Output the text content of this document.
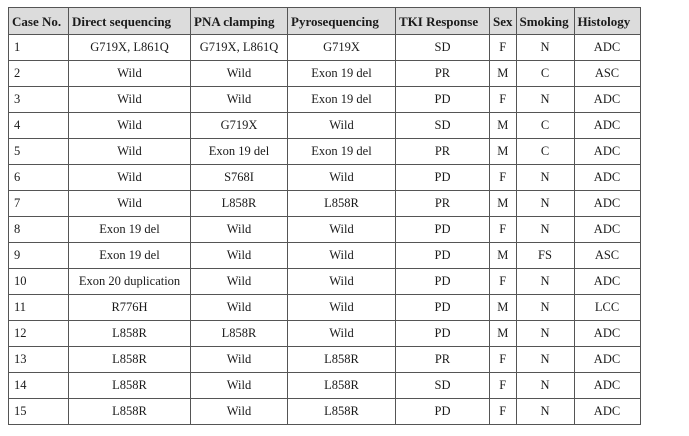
Case No.	Direct sequencing	PNA clamping	Pyrosequencing	TKI Response	Sex	Smoking	Histology
1	G719X, L861Q	G719X, L861Q	G719X	SD	F	N	ADC
2	Wild	Wild	Exon 19 del	PR	M	C	ASC
3	Wild	Wild	Exon 19 del	PD	F	N	ADC
4	Wild	G719X	Wild	SD	M	C	ADC
5	Wild	Exon 19 del	Exon 19 del	PR	M	C	ADC
6	Wild	S768I	Wild	PD	F	N	ADC
7	Wild	L858R	L858R	PR	M	N	ADC
8	Exon 19 del	Wild	Wild	PD	F	N	ADC
9	Exon 19 del	Wild	Wild	PD	M	FS	ASC
10	Exon 20 duplication	Wild	Wild	PD	F	N	ADC
11	R776H	Wild	Wild	PD	M	N	LCC
12	L858R	L858R	Wild	PD	M	N	ADC
13	L858R	Wild	L858R	PR	F	N	ADC
14	L858R	Wild	L858R	SD	F	N	ADC
15	L858R	Wild	L858R	PD	F	N	ADC
